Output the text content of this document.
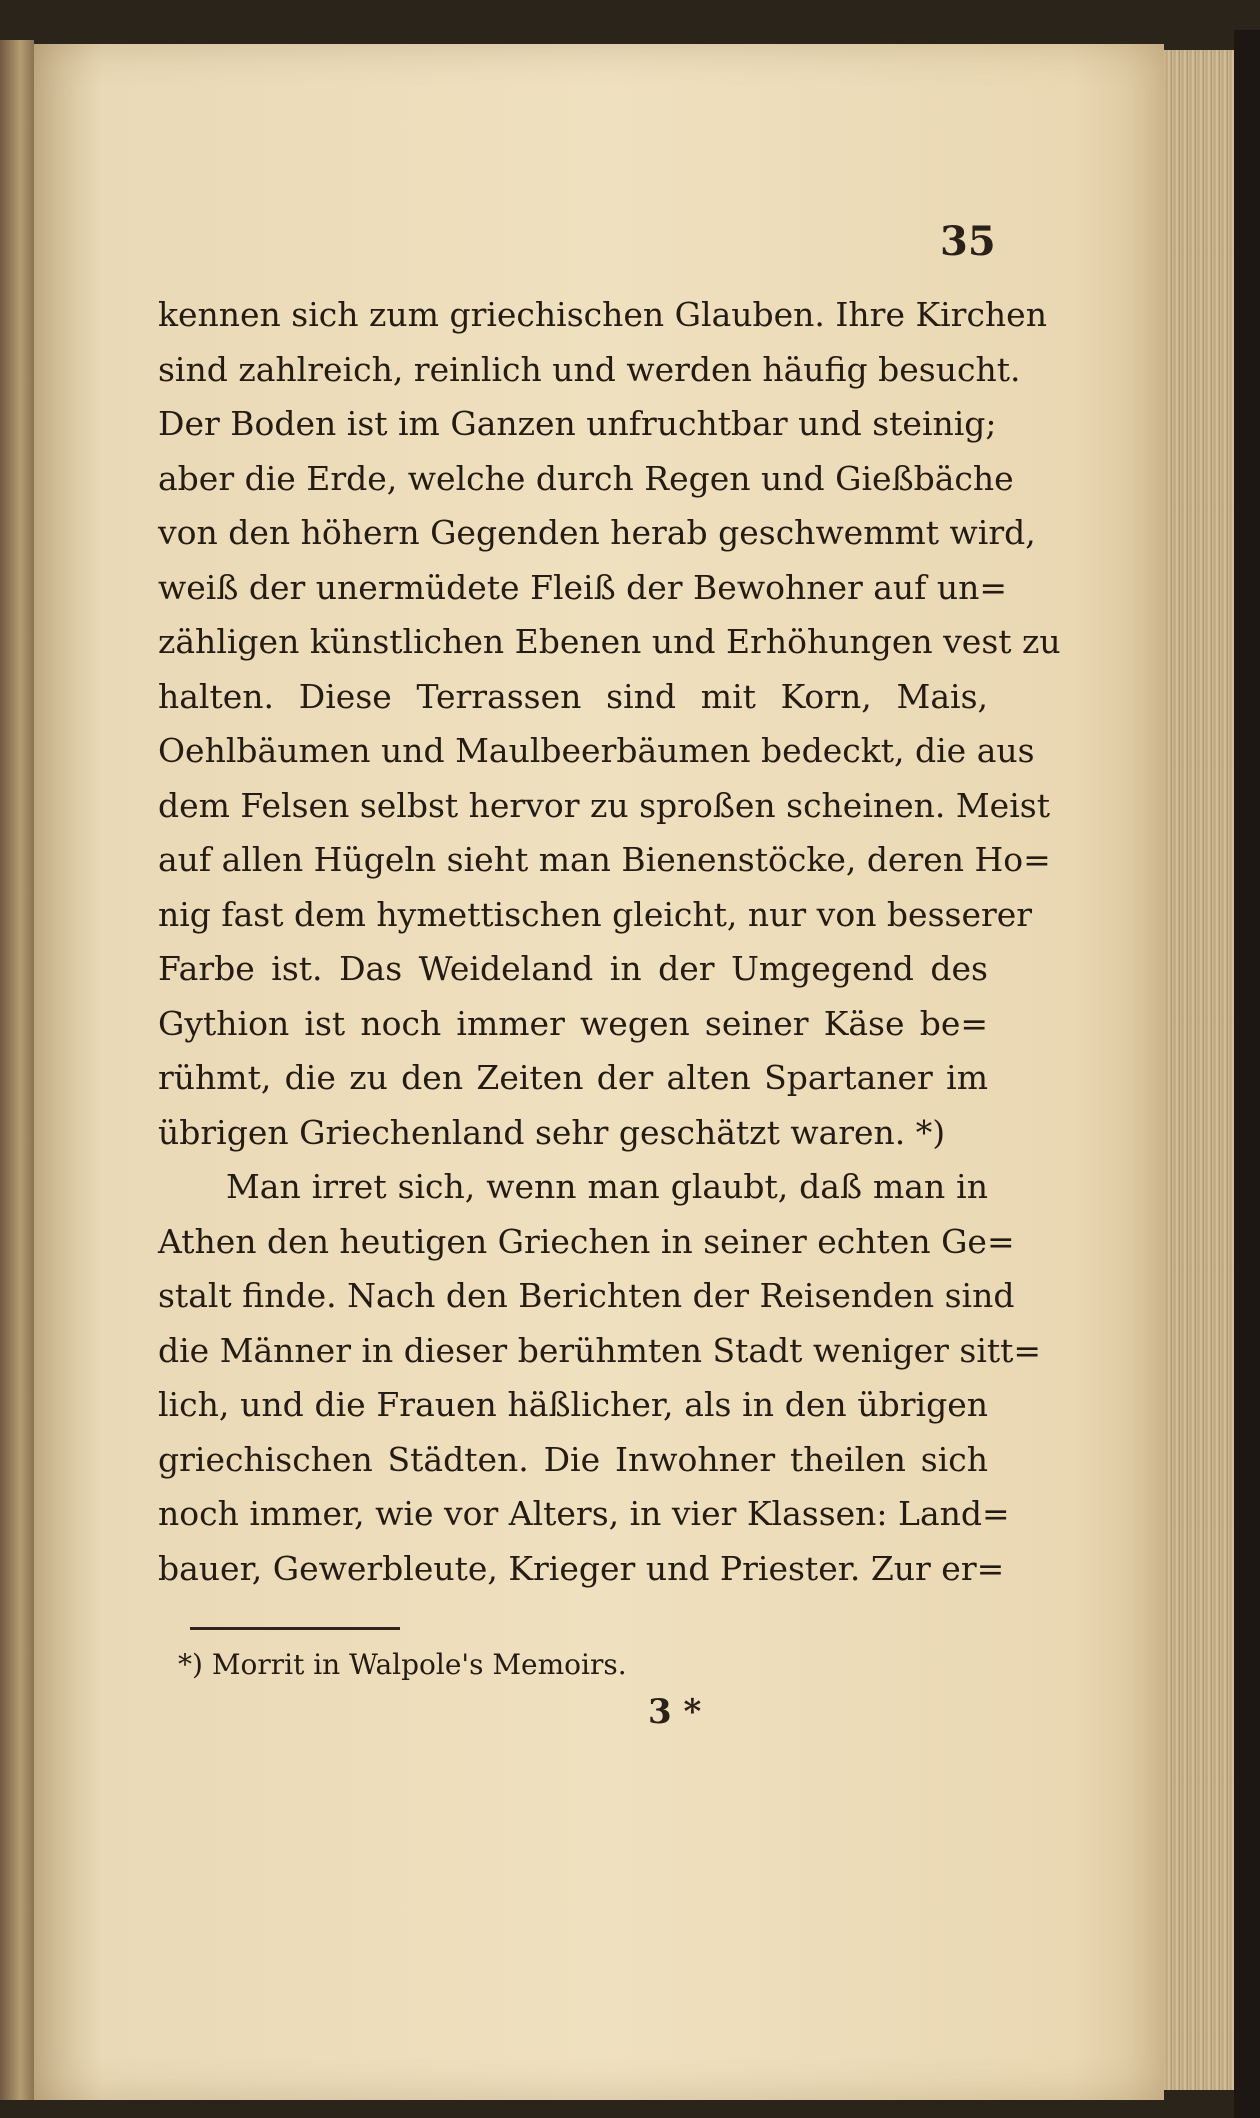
35
kennen sich zum griechischen Glauben. Ihre Kirchen
sind zahlreich, reinlich und werden häufig besucht.
Der Boden ist im Ganzen unfruchtbar und steinig;
aber die Erde, welche durch Regen und Gießbäche
von den höhern Gegenden herab geschwemmt wird,
weiß der unermüdete Fleiß der Bewohner auf un=
zähligen künstlichen Ebenen und Erhöhungen vest zu
halten. Diese Terrassen sind mit Korn, Mais,
Oehlbäumen und Maulbeerbäumen bedeckt, die aus
dem Felsen selbst hervor zu sproßen scheinen. Meist
auf allen Hügeln sieht man Bienenstöcke, deren Ho=
nig fast dem hymettischen gleicht, nur von besserer
Farbe ist. Das Weideland in der Umgegend des
Gythion ist noch immer wegen seiner Käse be=
rühmt, die zu den Zeiten der alten Spartaner im
übrigen Griechenland sehr geschätzt waren. *)
Man irret sich, wenn man glaubt, daß man in
Athen den heutigen Griechen in seiner echten Ge=
stalt finde. Nach den Berichten der Reisenden sind
die Männer in dieser berühmten Stadt weniger sitt=
lich, und die Frauen häßlicher, als in den übrigen
griechischen Städten. Die Inwohner theilen sich
noch immer, wie vor Alters, in vier Klassen: Land=
bauer, Gewerbleute, Krieger und Priester. Zur er=
*) Morrit in Walpole's Memoirs.
3 *
